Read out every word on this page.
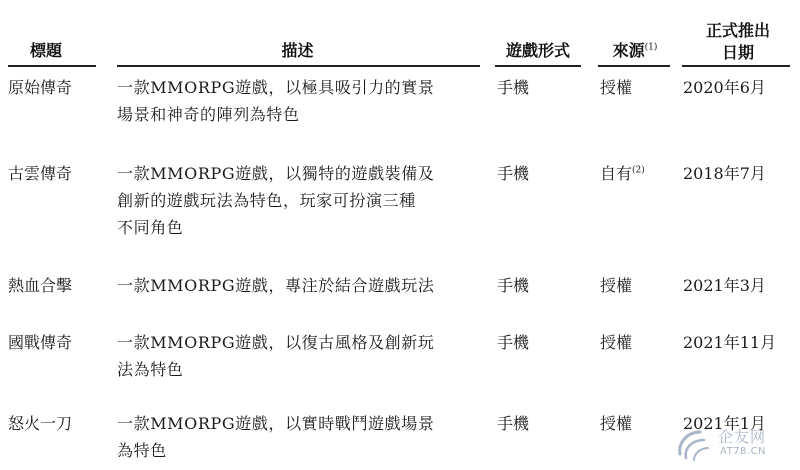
標題	描述	遊戲形式	來源$^{(1)}$
正式推出
日期
原始傳奇	一款MMORPG遊戲，以極具吸引力的實景
場景和神奇的陣列為特色
手機	授權	2020年6月
古雲傳奇	一款MMORPG遊戲，以獨特的遊戲裝備及
創新的遊戲玩法為特色，玩家可扮演三種
不同角色
手機	自有$^{(2)}$ 2018年7月
熱血合擊	一款MMORPG遊戲，專注於結合遊戲玩法	手機	授權	2021年3月
國戰傳奇	一款MMORPG遊戲，以復古風格及創新玩
法為特色
手機	授權	2021年11月
怒火一刀	一款MMORPG遊戲，以實時戰鬥遊戲場景
為特色
手機	授權	2021年1月
企友网
AT78.CN
